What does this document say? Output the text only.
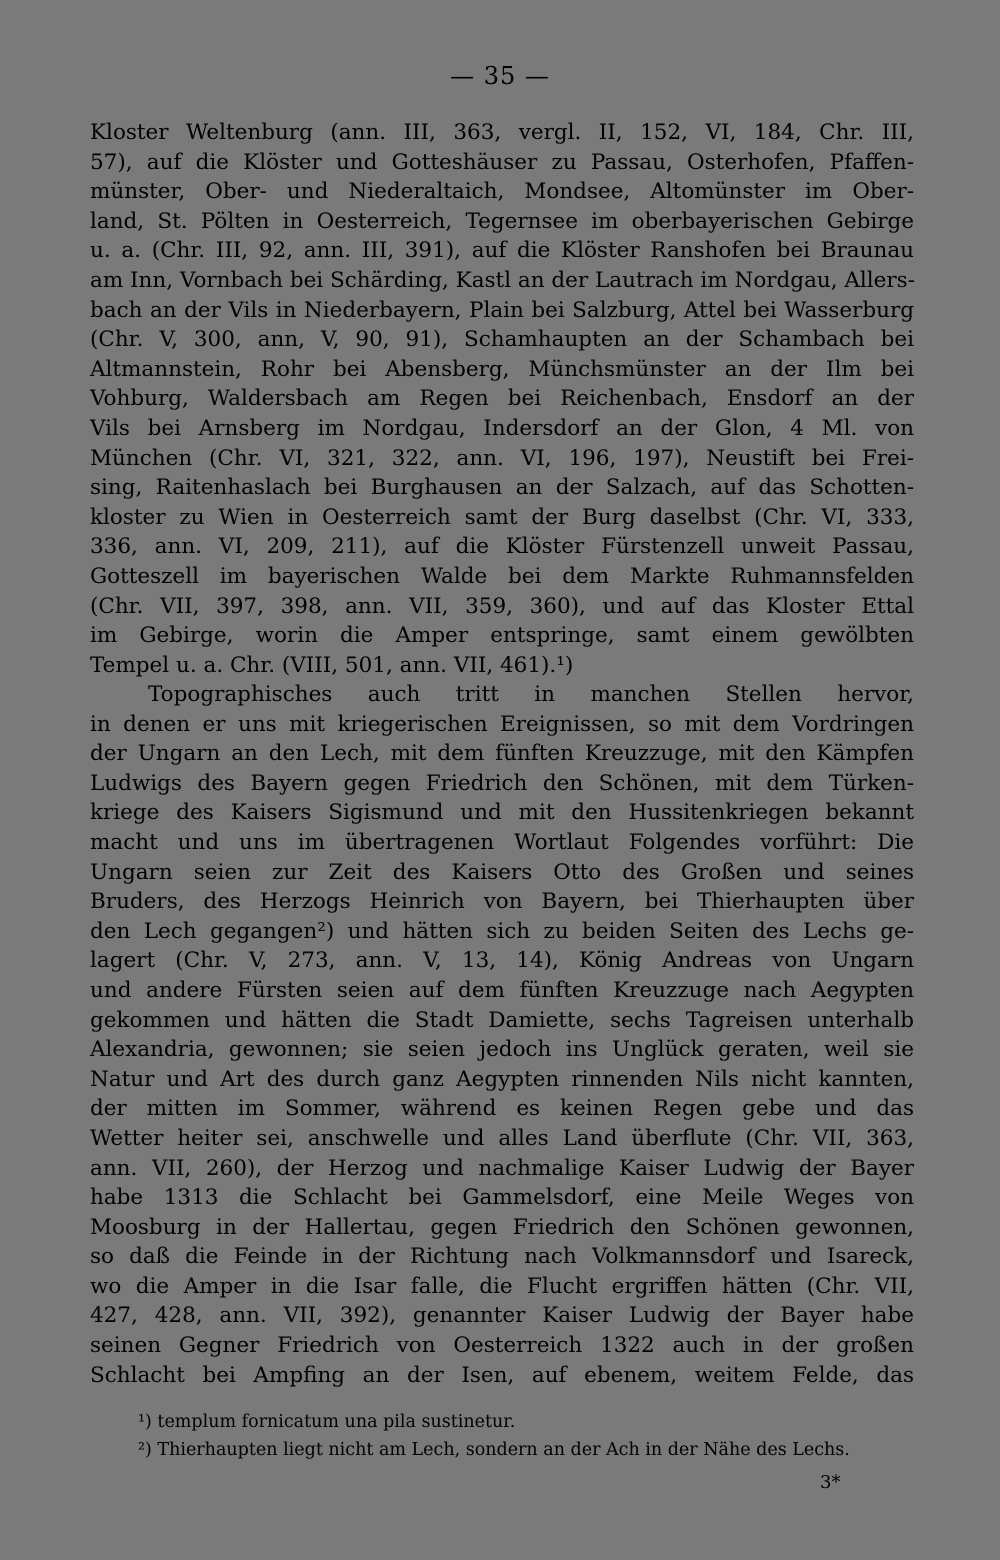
— 35 —
Kloster Weltenburg (ann. III, 363, vergl. II, 152, VI, 184, Chr. III,
57), auf die Klöster und Gotteshäuser zu Passau, Osterhofen, Pfaffen-
münster, Ober- und Niederaltaich, Mondsee, Altomünster im Ober-
land, St. Pölten in Oesterreich, Tegernsee im oberbayerischen Gebirge
u. a. (Chr. III, 92, ann. III, 391), auf die Klöster Ranshofen bei Braunau
am Inn, Vornbach bei Schärding, Kastl an der Lautrach im Nordgau, Allers-
bach an der Vils in Niederbayern, Plain bei Salzburg, Attel bei Wasserburg
(Chr. V, 300, ann, V, 90, 91), Schamhaupten an der Schambach bei
Altmannstein, Rohr bei Abensberg, Münchsmünster an der Ilm bei
Vohburg, Waldersbach am Regen bei Reichenbach, Ensdorf an der
Vils bei Arnsberg im Nordgau, Indersdorf an der Glon, 4 Ml. von
München (Chr. VI, 321, 322, ann. VI, 196, 197), Neustift bei Frei-
sing, Raitenhaslach bei Burghausen an der Salzach, auf das Schotten-
kloster zu Wien in Oesterreich samt der Burg daselbst (Chr. VI, 333,
336, ann. VI, 209, 211), auf die Klöster Fürstenzell unweit Passau,
Gotteszell im bayerischen Walde bei dem Markte Ruhmannsfelden
(Chr. VII, 397, 398, ann. VII, 359, 360), und auf das Kloster Ettal
im Gebirge, worin die Amper entspringe, samt einem gewölbten
Tempel u. a. Chr. (VIII, 501, ann. VII, 461).¹)
Topographisches auch tritt in manchen Stellen hervor,
in denen er uns mit kriegerischen Ereignissen, so mit dem Vordringen
der Ungarn an den Lech, mit dem fünften Kreuzzuge, mit den Kämpfen
Ludwigs des Bayern gegen Friedrich den Schönen, mit dem Türken-
kriege des Kaisers Sigismund und mit den Hussitenkriegen bekannt
macht und uns im übertragenen Wortlaut Folgendes vorführt: Die
Ungarn seien zur Zeit des Kaisers Otto des Großen und seines
Bruders, des Herzogs Heinrich von Bayern, bei Thierhaupten über
den Lech gegangen²) und hätten sich zu beiden Seiten des Lechs ge-
lagert (Chr. V, 273, ann. V, 13, 14), König Andreas von Ungarn
und andere Fürsten seien auf dem fünften Kreuzzuge nach Aegypten
gekommen und hätten die Stadt Damiette, sechs Tagreisen unterhalb
Alexandria, gewonnen; sie seien jedoch ins Unglück geraten, weil sie
Natur und Art des durch ganz Aegypten rinnenden Nils nicht kannten,
der mitten im Sommer, während es keinen Regen gebe und das
Wetter heiter sei, anschwelle und alles Land überflute (Chr. VII, 363,
ann. VII, 260), der Herzog und nachmalige Kaiser Ludwig der Bayer
habe 1313 die Schlacht bei Gammelsdorf, eine Meile Weges von
Moosburg in der Hallertau, gegen Friedrich den Schönen gewonnen,
so daß die Feinde in der Richtung nach Volkmannsdorf und Isareck,
wo die Amper in die Isar falle, die Flucht ergriffen hätten (Chr. VII,
427, 428, ann. VII, 392), genannter Kaiser Ludwig der Bayer habe
seinen Gegner Friedrich von Oesterreich 1322 auch in der großen
Schlacht bei Ampfing an der Isen, auf ebenem, weitem Felde, das
¹) templum fornicatum una pila sustinetur.
²) Thierhaupten liegt nicht am Lech, sondern an der Ach in der Nähe des Lechs.
3*
